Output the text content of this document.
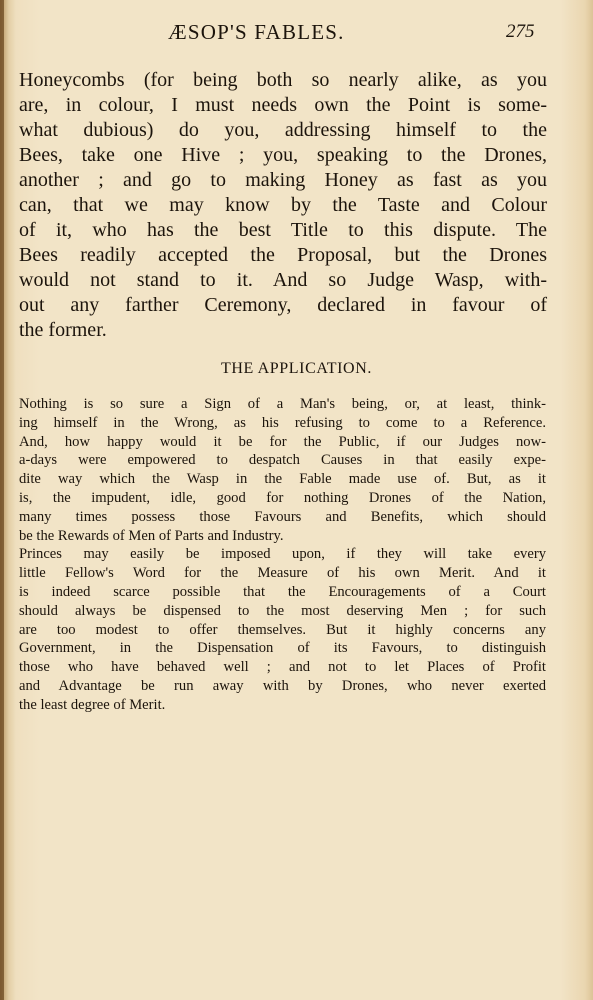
ÆSOP'S FABLES.	275
Honeycombs (for being both so nearly alike, as you
are, in colour, I must needs own the Point is some-
what dubious) do you, addressing himself to the
Bees, take one Hive ; you, speaking to the Drones,
another ; and go to making Honey as fast as you
can, that we may know by the Taste and Colour
of it, who has the best Title to this dispute. The
Bees readily accepted the Proposal, but the Drones
would not stand to it. And so Judge Wasp, with-
out any farther Ceremony, declared in favour of
the former.
THE APPLICATION.
Nothing is so sure a Sign of a Man's being, or, at least, think-
ing himself in the Wrong, as his refusing to come to a Reference.
And, how happy would it be for the Public, if our Judges now-
a-days were empowered to despatch Causes in that easily expe-
dite way which the Wasp in the Fable made use of. But, as it
is, the impudent, idle, good for nothing Drones of the Nation,
many times possess those Favours and Benefits, which should
be the Rewards of Men of Parts and Industry.
Princes may easily be imposed upon, if they will take every
little Fellow's Word for the Measure of his own Merit. And it
is indeed scarce possible that the Encouragements of a Court
should always be dispensed to the most deserving Men ; for such
are too modest to offer themselves. But it highly concerns any
Government, in the Dispensation of its Favours, to distinguish
those who have behaved well ; and not to let Places of Profit
and Advantage be run away with by Drones, who never exerted
the least degree of Merit.
